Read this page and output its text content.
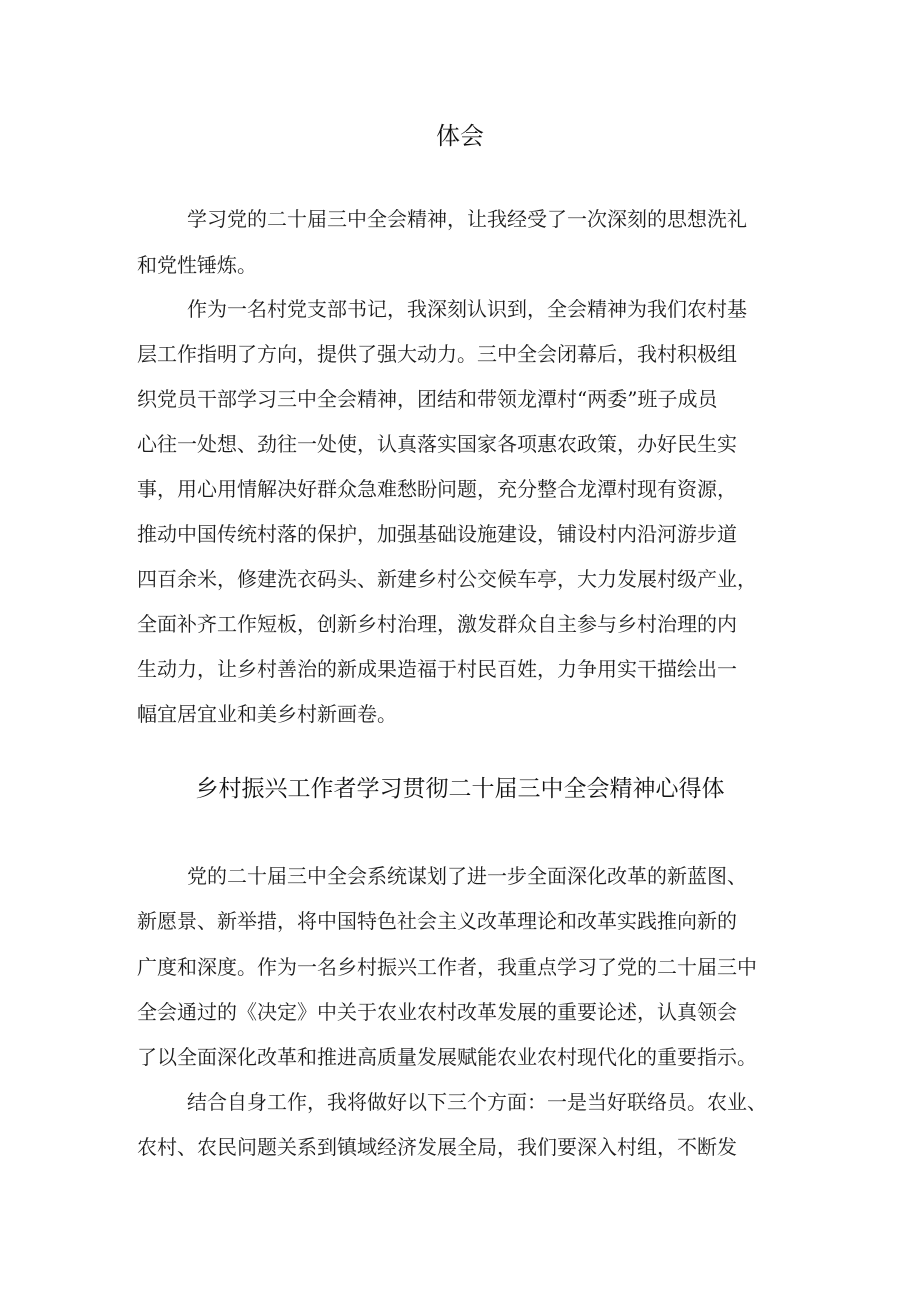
体会
学习党的二十届三中全会精神，让我经受了一次深刻的思想洗礼
和党性锤炼。
作为一名村党支部书记，我深刻认识到，全会精神为我们农村基
层工作指明了方向，提供了强大动力。三中全会闭幕后，我村积极组
织党员干部学习三中全会精神，团结和带领龙潭村“两委”班子成员
心往一处想、劲往一处使，认真落实国家各项惠农政策，办好民生实
事，用心用情解决好群众急难愁盼问题，充分整合龙潭村现有资源，
推动中国传统村落的保护，加强基础设施建设，铺设村内沿河游步道
四百余米，修建洗衣码头、新建乡村公交候车亭，大力发展村级产业，
全面补齐工作短板，创新乡村治理，激发群众自主参与乡村治理的内
生动力，让乡村善治的新成果造福于村民百姓，力争用实干描绘出一
幅宜居宜业和美乡村新画卷。
乡村振兴工作者学习贯彻二十届三中全会精神心得体
党的二十届三中全会系统谋划了进一步全面深化改革的新蓝图、
新愿景、新举措，将中国特色社会主义改革理论和改革实践推向新的
广度和深度。作为一名乡村振兴工作者，我重点学习了党的二十届三中
全会通过的《决定》中关于农业农村改革发展的重要论述，认真领会
了以全面深化改革和推进高质量发展赋能农业农村现代化的重要指示。
结合自身工作，我将做好以下三个方面：一是当好联络员。农业、
农村、农民问题关系到镇域经济发展全局，我们要深入村组，不断发
